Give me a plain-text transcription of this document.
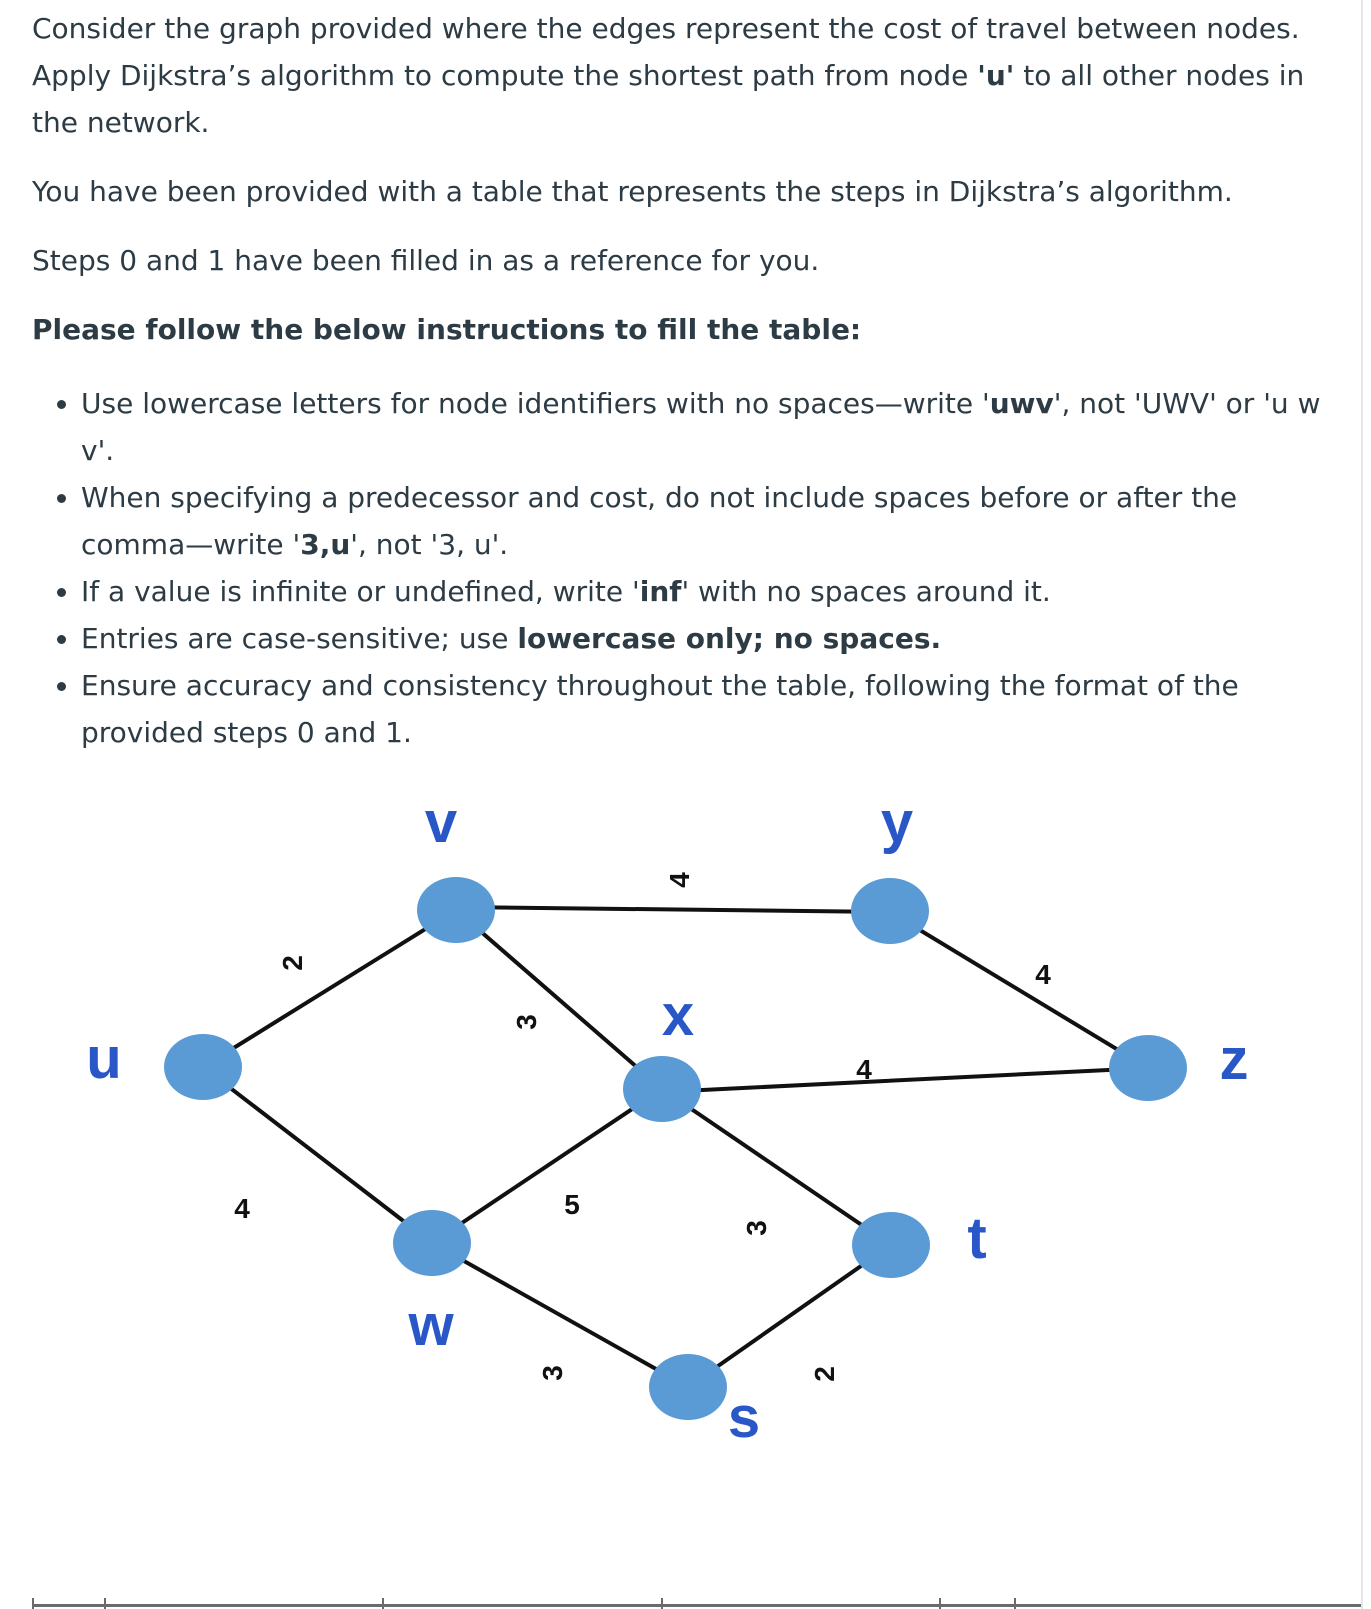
Consider the graph provided where the edges represent the cost of travel between nodes.
Apply Dijkstra’s algorithm to compute the shortest path from node 'u' to all other nodes in
the network.

You have been provided with a table that represents the steps in Dijkstra’s algorithm.

Steps 0 and 1 have been filled in as a reference for you.

Please follow the below instructions to fill the table:

• Use lowercase letters for node identifiers with no spaces—write 'uwv', not 'UWV' or 'u w v'.
• When specifying a predecessor and cost, do not include spaces before or after the comma—write '3,u', not '3, u'.
• If a value is infinite or undefined, write 'inf' with no spaces around it.
• Entries are case-sensitive; use lowercase only; no spaces.
• Ensure accuracy and consistency throughout the table, following the format of the provided steps 0 and 1.
u
v
w
x
y
z
t
s
2
4
3
4
5
3
4
3
4
2
